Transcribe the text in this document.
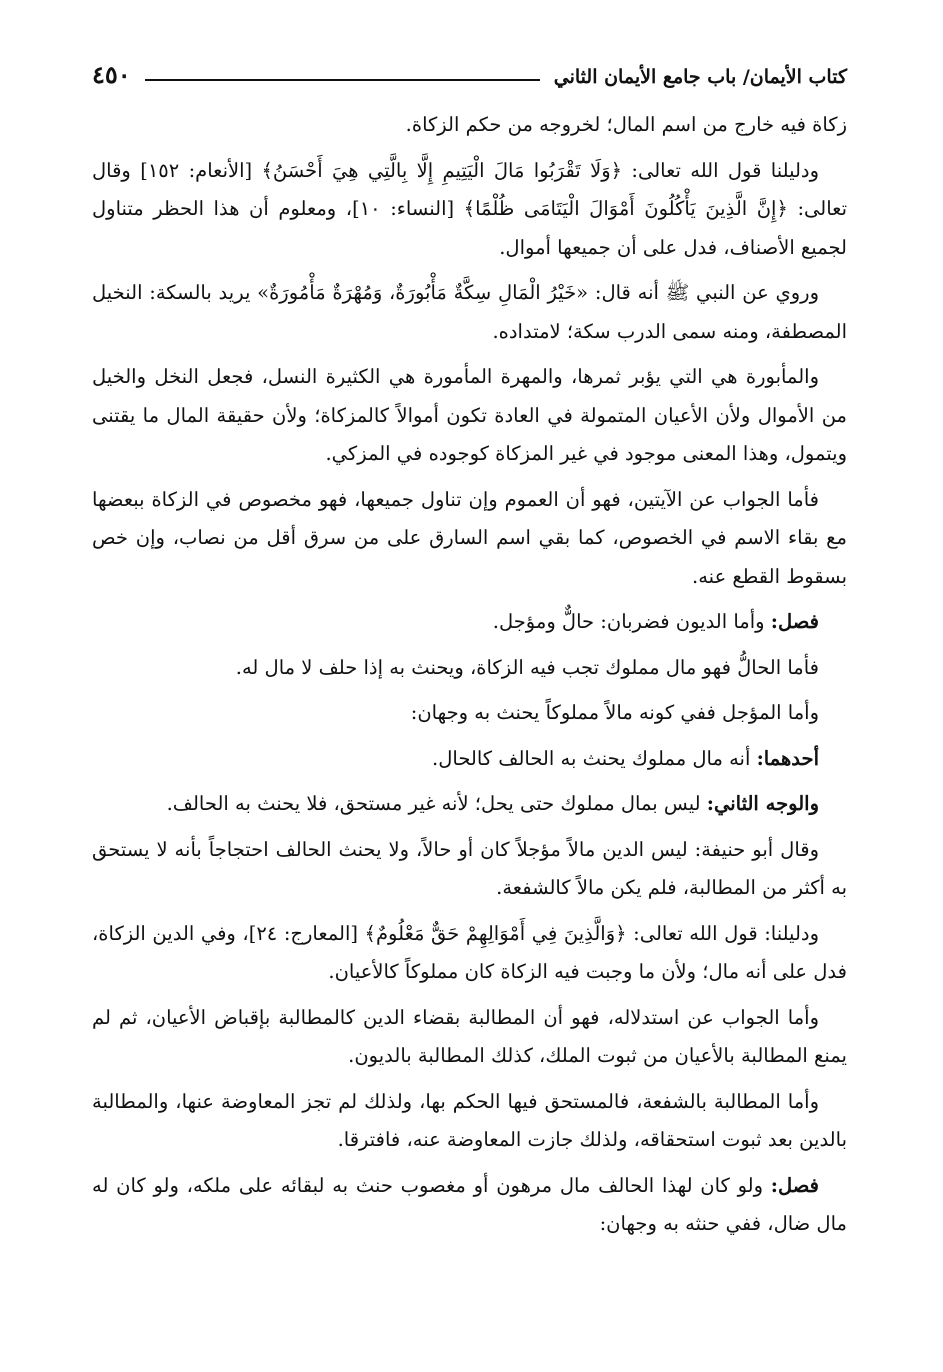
كتاب الأيمان/ باب جامع الأيمان الثاني
٤٥٠

زكاة فيه خارج من اسم المال؛ لخروجه من حكم الزكاة.

ودليلنا قول الله تعالى: ﴿وَلَا تَقْرَبُوا مَالَ الْيَتِيمِ إِلَّا بِالَّتِي هِيَ أَحْسَنُ﴾ [الأنعام: ١٥٢] وقال تعالى: ﴿إِنَّ الَّذِينَ يَأْكُلُونَ أَمْوَالَ الْيَتَامَى ظُلْمًا﴾ [النساء: ١٠]، ومعلوم أن هذا الحظر متناول لجميع الأصناف، فدل على أن جميعها أموال.

وروي عن النبي ﷺ أنه قال: «خَيْرُ الْمَالِ سِكَّةٌ مَأْبُورَةٌ، وَمُهْرَةٌ مَأْمُورَةٌ» يريد بالسكة: النخيل المصطفة، ومنه سمى الدرب سكة؛ لامتداده.

والمأبورة هي التي يؤبر ثمرها، والمهرة المأمورة هي الكثيرة النسل، فجعل النخل والخيل من الأموال ولأن الأعيان المتمولة في العادة تكون أموالاً كالمزكاة؛ ولأن حقيقة المال ما يقتنى ويتمول، وهذا المعنى موجود في غير المزكاة كوجوده في المزكي.

فأما الجواب عن الآيتين، فهو أن العموم وإن تناول جميعها، فهو مخصوص في الزكاة ببعضها مع بقاء الاسم في الخصوص، كما بقي اسم السارق على من سرق أقل من نصاب، وإن خص بسقوط القطع عنه.

فصل: وأما الديون فضربان: حالٌّ ومؤجل.

فأما الحالُّ فهو مال مملوك تجب فيه الزكاة، ويحنث به إذا حلف لا مال له.

وأما المؤجل ففي كونه مالاً مملوكاً يحنث به وجهان:

أحدهما: أنه مال مملوك يحنث به الحالف كالحال.

والوجه الثاني: ليس بمال مملوك حتى يحل؛ لأنه غير مستحق، فلا يحنث به الحالف.

وقال أبو حنيفة: ليس الدين مالاً مؤجلاً كان أو حالاً، ولا يحنث الحالف احتجاجاً بأنه لا يستحق به أكثر من المطالبة، فلم يكن مالاً كالشفعة.

ودليلنا: قول الله تعالى: ﴿وَالَّذِينَ فِي أَمْوَالِهِمْ حَقٌّ مَعْلُومٌ﴾ [المعارج: ٢٤]، وفي الدين الزكاة، فدل على أنه مال؛ ولأن ما وجبت فيه الزكاة كان مملوكاً كالأعيان.

وأما الجواب عن استدلاله، فهو أن المطالبة بقضاء الدين كالمطالبة بإقباض الأعيان، ثم لم يمنع المطالبة بالأعيان من ثبوت الملك، كذلك المطالبة بالديون.

وأما المطالبة بالشفعة، فالمستحق فيها الحكم بها، ولذلك لم تجز المعاوضة عنها، والمطالبة بالدين بعد ثبوت استحقاقه، ولذلك جازت المعاوضة عنه، فافترقا.

فصل: ولو كان لهذا الحالف مال مرهون أو مغصوب حنث به لبقائه على ملكه، ولو كان له مال ضال، ففي حنثه به وجهان:
